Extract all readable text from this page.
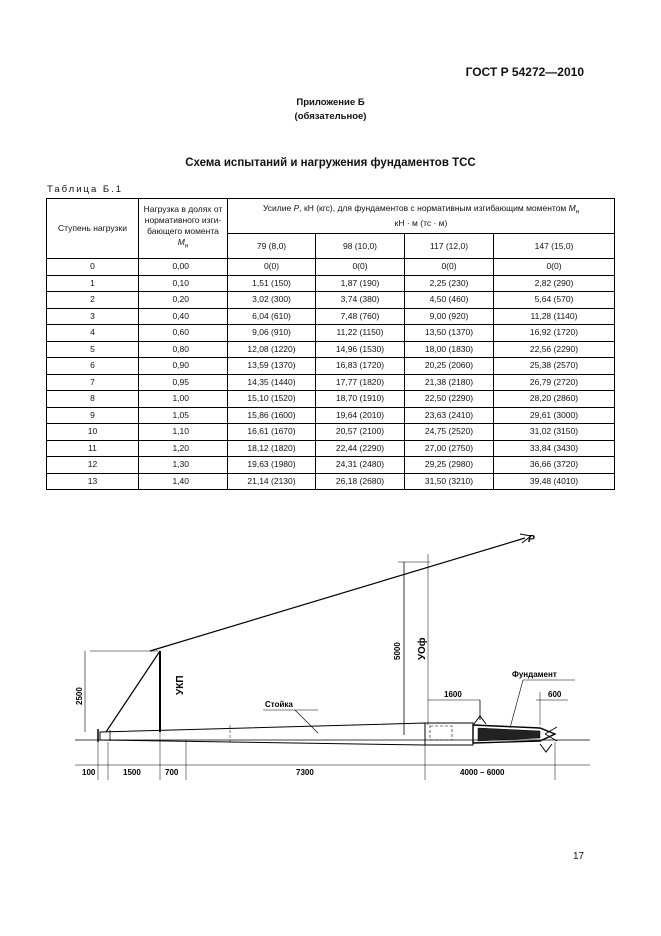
ГОСТ Р 54272—2010
Приложение Б
(обязательное)
Схема испытаний и нагружения фундаментов ТСС
Таблица Б.1
Ступень нагрузки	Нагрузка в долях от нормативного изги-бающего момента $М_н$	Усилие Р, кН (кгс), для фундаментов с нормативным изгибающим моментом $М_н$
кН · м (тс · м)			
		79 (8,0)	98 (10,0)	117 (12,0)	147 (15,0)
0	0,00	0(0)	0(0)	0(0)	0(0)
1	0,10	1,51 (150)	1,87 (190)	2,25 (230)	2,82 (290)
2	0,20	3,02 (300)	3,74 (380)	4,50 (460)	5,64 (570)
3	0,40	6,04 (610)	7,48 (760)	9,00 (920)	11,28 (1140)
4	0,60	9,06 (910)	11,22 (1150)	13,50 (1370)	16,92 (1720)
5	0,80	12,08 (1220)	14,96 (1530)	18,00 (1830)	22,56 (2290)
6	0,90	13,59 (1370)	16,83 (1720)	20,25 (2060)	25,38 (2570)
7	0,95	14,35 (1440)	17,77 (1820)	21,38 (2180)	26,79 (2720)
8	1,00	15,10 (1520)	18,70 (1910)	22,50 (2290)	28,20 (2860)
9	1,05	15,86 (1600)	19,64 (2010)	23,63 (2410)	29,61 (3000)
10	1,10	16,61 (1670)	20,57 (2100)	24,75 (2520)	31,02 (3150)
11	1,20	18,12 (1820)	22,44 (2290)	27,00 (2750)	33,84 (3430)
12	1,30	19,63 (1980)	24,31 (2480)	29,25 (2980)	36,66 (3720)
13	1,40	21,14 (2130)	26,18 (2680)	31,50 (3210)	39,48 (4010)
P
УКП
УОф
5000
2500	Стойка
Фундамент
1600	600
100	1500	700	7300	4000 – 6000
17
